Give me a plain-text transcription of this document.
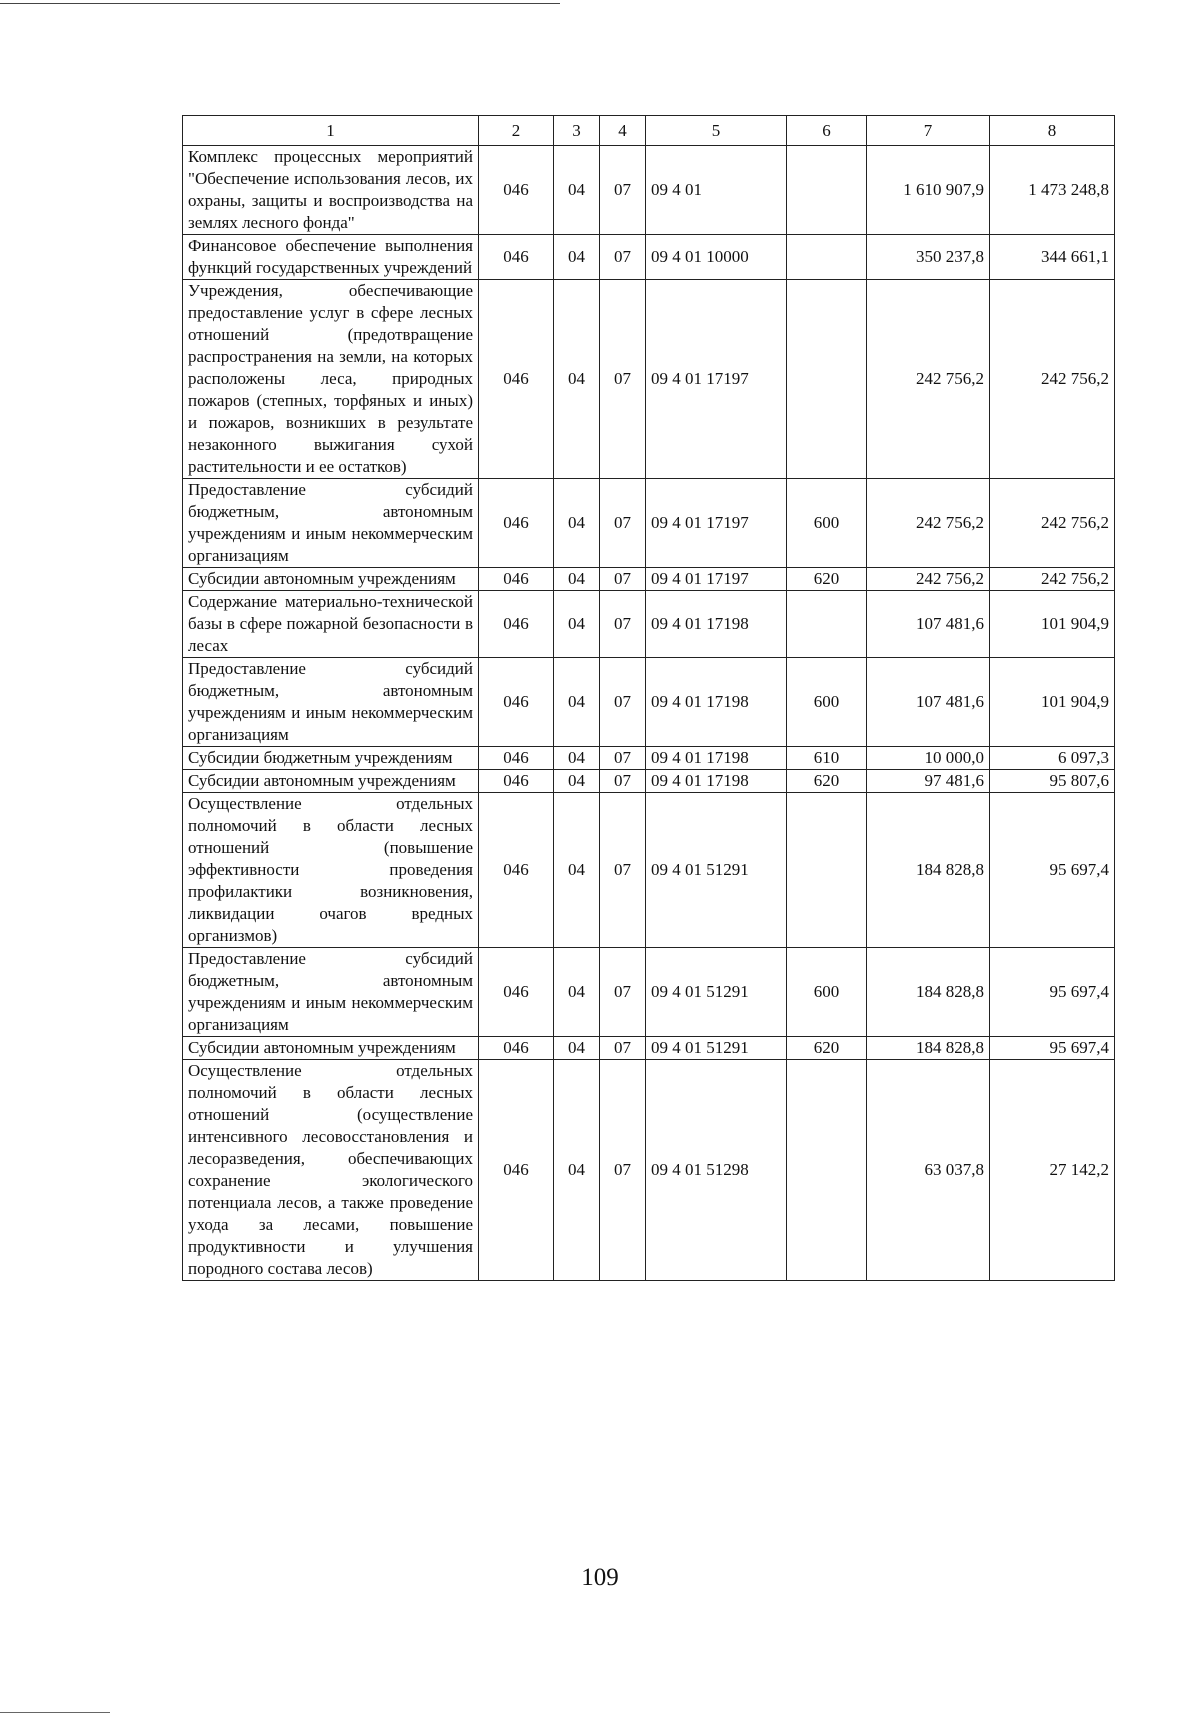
1	2	3	4	5	6	7	8
Комплекс процессных мероприятий "Обеспечение использования лесов, их охраны, защиты и воспроизводства на землях лесного фонда"	046	04	07	09 4 01		1 610 907,9	1 473 248,8
Финансовое обеспечение выполнения функций государственных учреждений	046	04	07	09 4 01 10000		350 237,8	344 661,1
Учреждения, обеспечивающие предоставление услуг в сфере лесных отношений (предотвращение распространения на земли, на которых расположены леса, природных пожаров (степных, торфяных и иных) и пожаров, возникших в результате незаконного выжигания сухой растительности и ее остатков)	046	04	07	09 4 01 17197		242 756,2	242 756,2
Предоставление субсидий бюджетным, автономным учреждениям и иным некоммерческим организациям	046	04	07	09 4 01 17197	600	242 756,2	242 756,2
Субсидии автономным учреждениям	046	04	07	09 4 01 17197	620	242 756,2	242 756,2
Содержание материально-технической базы в сфере пожарной безопасности в лесах	046	04	07	09 4 01 17198		107 481,6	101 904,9
Предоставление субсидий бюджетным, автономным учреждениям и иным некоммерческим организациям	046	04	07	09 4 01 17198	600	107 481,6	101 904,9
Субсидии бюджетным учреждениям	046	04	07	09 4 01 17198	610	10 000,0	6 097,3
Субсидии автономным учреждениям	046	04	07	09 4 01 17198	620	97 481,6	95 807,6
Осуществление отдельных полномочий в области лесных отношений (повышение эффективности проведения профилактики возникновения, ликвидации очагов вредных организмов)	046	04	07	09 4 01 51291		184 828,8	95 697,4
Предоставление субсидий бюджетным, автономным учреждениям и иным некоммерческим организациям	046	04	07	09 4 01 51291	600	184 828,8	95 697,4
Субсидии автономным учреждениям	046	04	07	09 4 01 51291	620	184 828,8	95 697,4
Осуществление отдельных полномочий в области лесных отношений (осуществление интенсивного лесовосстановления и лесоразведения, обеспечивающих сохранение экологического потенциала лесов, а также проведение ухода за лесами, повышение продуктивности и улучшения породного состава лесов)	046	04	07	09 4 01 51298		63 037,8	27 142,2
109
